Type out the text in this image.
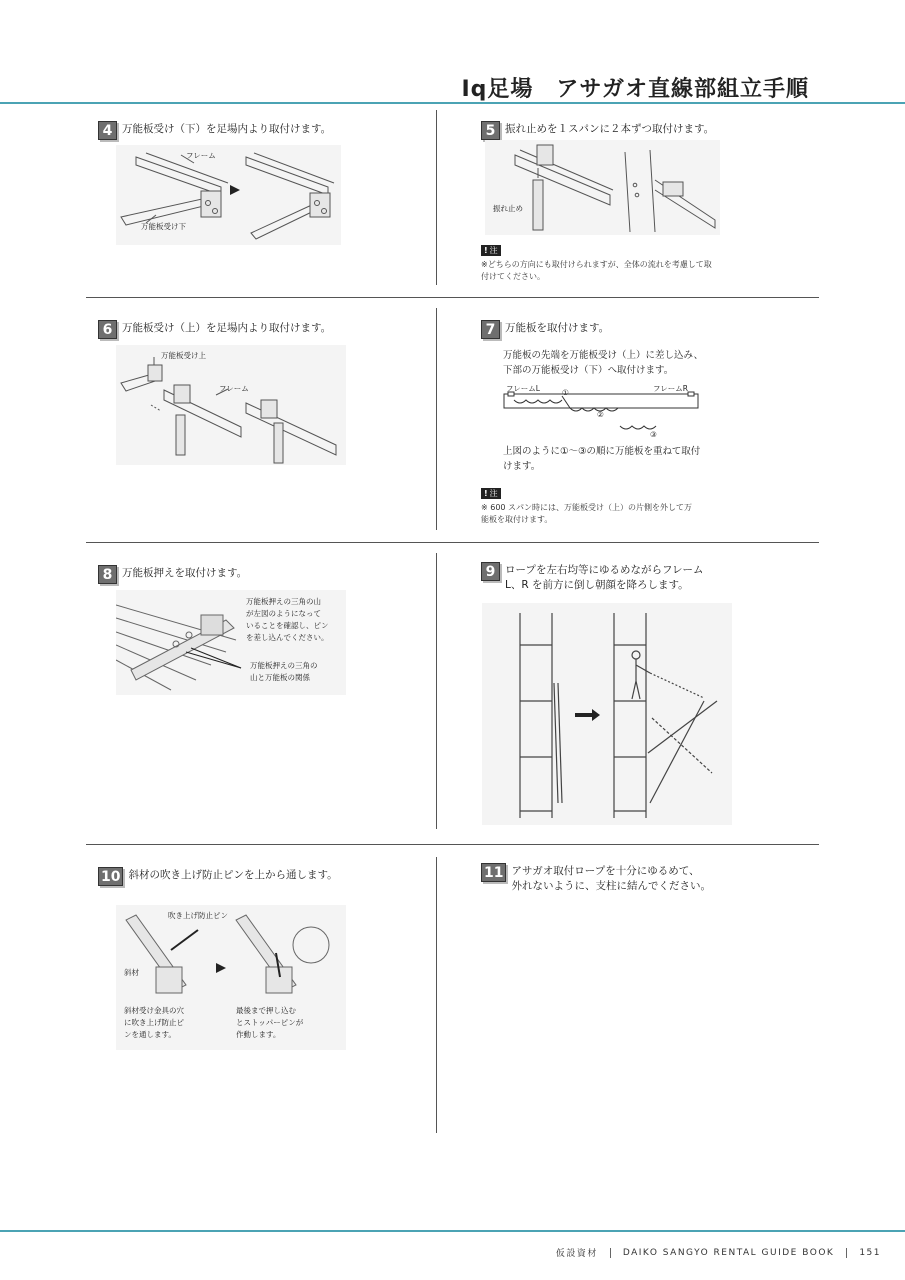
Iq足場　アサガオ直線部組立手順
4 万能板受け（下）を足場内より取付けます。
フレーム
万能板受け下
5 振れ止めを１スパンに２本ずつ取付けます。
振れ止め
! 注
※どちらの方向にも取付けられますが、全体の流れを考慮して取
付けてください。
6 万能板受け（上）を足場内より取付けます。
万能板受け上
フレーム
7 万能板を取付けます。
万能板の先端を万能板受け（上）に差し込み、
下部の万能板受け（下）へ取付けます。
フレームL	フレームR
①
②
③
上図のように①～③の順に万能板を重ねて取付
けます。
! 注
※ 600 スパン時には、万能板受け（上）の片側を外して万
能板を取付けます。
8 万能板押えを取付けます。
万能板押えの三角の山
が左図のようになって
いることを確認し、ピン
を差し込んでください。
万能板押えの三角の
山と万能板の関係
9 ロープを左右均等にゆるめながらフレーム
L、R を前方に倒し朝顔を降ろします。
10 斜材の吹き上げ防止ピンを上から通します。
吹き上げ防止ピン
斜材
斜材受け金具の穴
に吹き上げ防止ピ
ンを通します。
最後まで押し込む
とストッパーピンが
作動します。
11 アサガオ取付ロープを十分にゆるめて、
外れないように、支柱に結んでください。
仮設資材	DAIKO SANGYO RENTAL GUIDE BOOK	151
